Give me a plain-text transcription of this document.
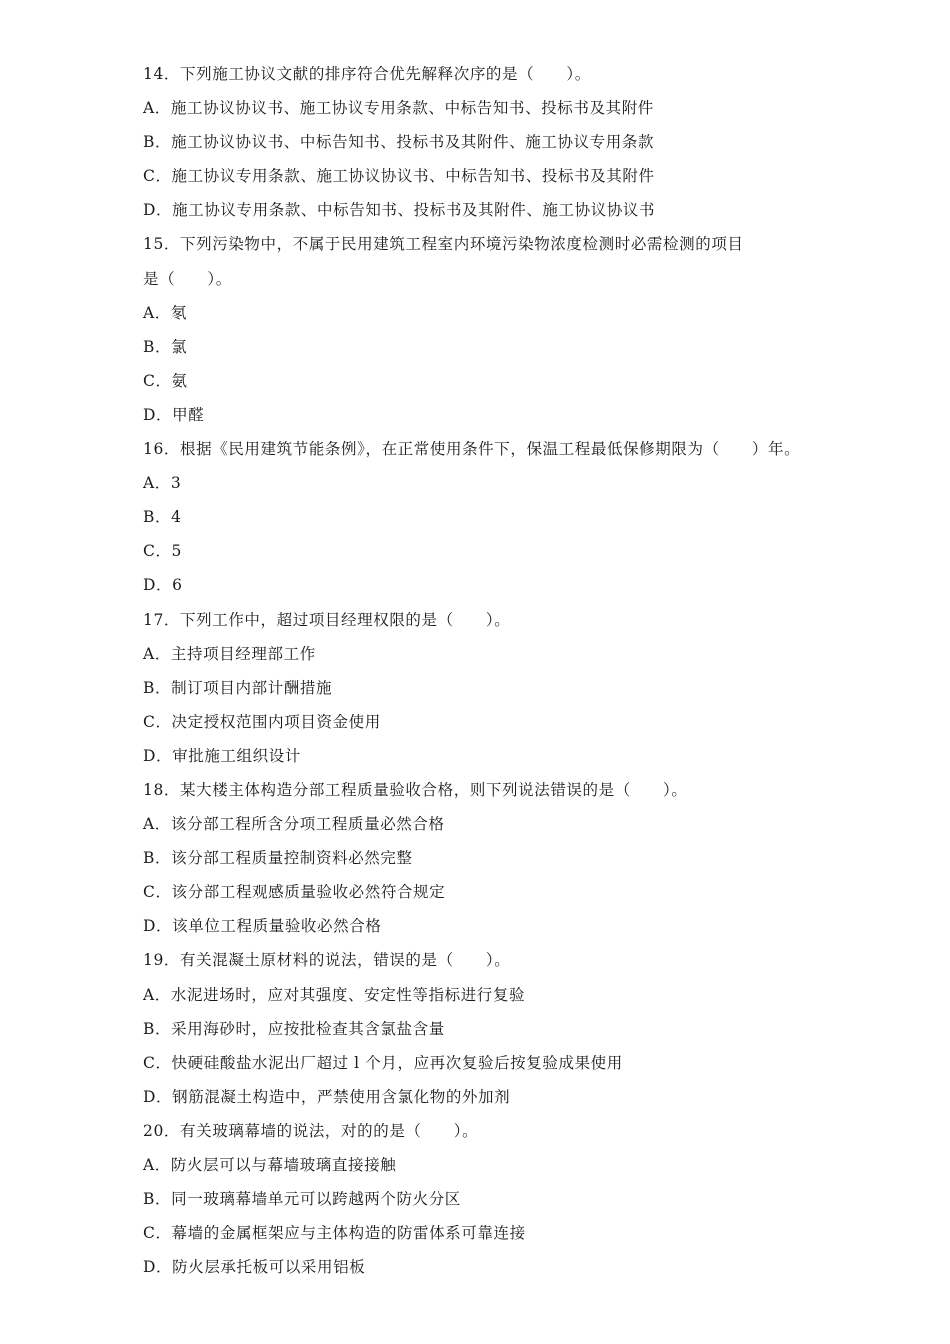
14．下列施工协议文献的排序符合优先解释次序的是（　　）。
A．施工协议协议书、施工协议专用条款、中标告知书、投标书及其附件
B．施工协议协议书、中标告知书、投标书及其附件、施工协议专用条款
C．施工协议专用条款、施工协议协议书、中标告知书、投标书及其附件
D．施工协议专用条款、中标告知书、投标书及其附件、施工协议协议书
15．下列污染物中，不属于民用建筑工程室内环境污染物浓度检测时必需检测的项目
是（　　）。
A．氡
B．氯
C．氨
D．甲醛
16．根据《民用建筑节能条例》，在正常使用条件下，保温工程最低保修期限为（　　）年。
A．3
B．4
C．5
D．6
17．下列工作中，超过项目经理权限的是（　　）。
A．主持项目经理部工作
B．制订项目内部计酬措施
C．决定授权范围内项目资金使用
D．审批施工组织设计
18．某大楼主体构造分部工程质量验收合格，则下列说法错误的是（　　）。
A．该分部工程所含分项工程质量必然合格
B．该分部工程质量控制资料必然完整
C．该分部工程观感质量验收必然符合规定
D．该单位工程质量验收必然合格
19．有关混凝土原材料的说法，错误的是（　　）。
A．水泥进场时，应对其强度、安定性等指标进行复验
B．采用海砂时，应按批检查其含氯盐含量
C．快硬硅酸盐水泥出厂超过 l 个月，应再次复验后按复验成果使用
D．钢筋混凝土构造中，严禁使用含氯化物的外加剂
20．有关玻璃幕墙的说法，对的的是（　　）。
A．防火层可以与幕墙玻璃直接接触
B．同一玻璃幕墙单元可以跨越两个防火分区
C．幕墙的金属框架应与主体构造的防雷体系可靠连接
D．防火层承托板可以采用铝板
